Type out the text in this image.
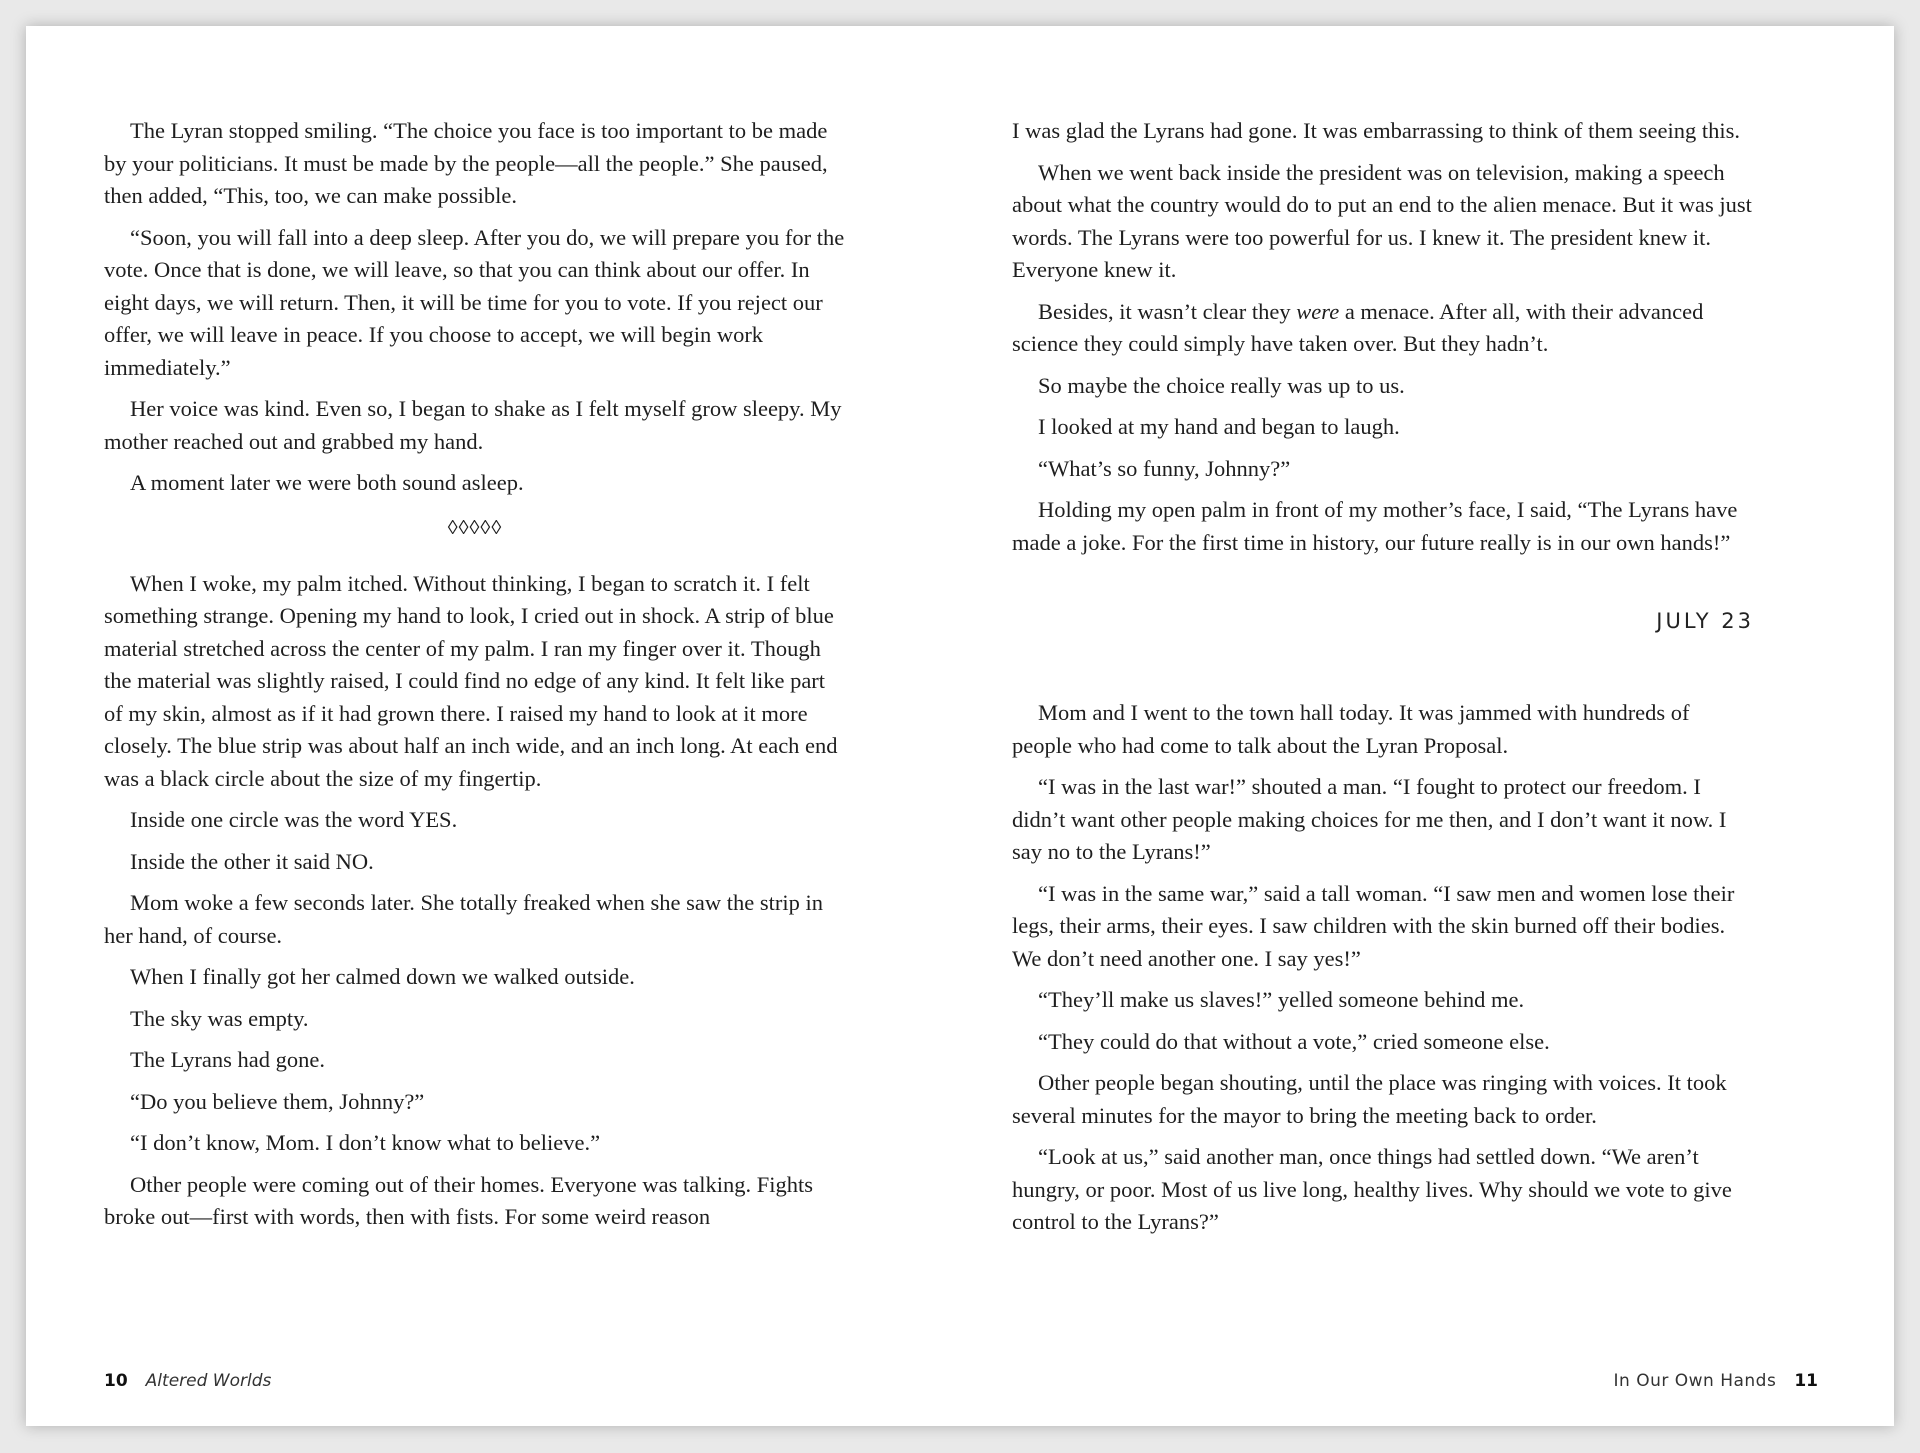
The Lyran stopped smiling. “The choice you face is too important to be made by your politicians. It must be made by the people—all the people.” She paused, then added, “This, too, we can make possible.

“Soon, you will fall into a deep sleep. After you do, we will prepare you for the vote. Once that is done, we will leave, so that you can think about our offer. In eight days, we will return. Then, it will be time for you to vote. If you reject our offer, we will leave in peace. If you choose to accept, we will begin work immediately.”

Her voice was kind. Even so, I began to shake as I felt myself grow sleepy. My mother reached out and grabbed my hand.

A moment later we were both sound asleep.

◊◊◊◊◊

When I woke, my palm itched. Without thinking, I began to scratch it. I felt something strange. Opening my hand to look, I cried out in shock. A strip of blue material stretched across the center of my palm. I ran my finger over it. Though the material was slightly raised, I could find no edge of any kind. It felt like part of my skin, almost as if it had grown there. I raised my hand to look at it more closely. The blue strip was about half an inch wide, and an inch long. At each end was a black circle about the size of my fingertip.

Inside one circle was the word YES.

Inside the other it said NO.

Mom woke a few seconds later. She totally freaked when she saw the strip in her hand, of course.

When I finally got her calmed down we walked outside.

The sky was empty.

The Lyrans had gone.

“Do you believe them, Johnny?”

“I don’t know, Mom. I don’t know what to believe.”

Other people were coming out of their homes. Everyone was talking. Fights broke out—first with words, then with fists. For some weird reason

10 Altered Worlds

I was glad the Lyrans had gone. It was embarrassing to think of them seeing this.

When we went back inside the president was on television, making a speech about what the country would do to put an end to the alien menace. But it was just words. The Lyrans were too powerful for us. I knew it. The president knew it. Everyone knew it.

Besides, it wasn’t clear they were a menace. After all, with their advanced science they could simply have taken over. But they hadn’t.

So maybe the choice really was up to us.

I looked at my hand and began to laugh.

“What’s so funny, Johnny?”

Holding my open palm in front of my mother’s face, I said, “The Lyrans have made a joke. For the first time in history, our future really is in our own hands!”

JULY 23

Mom and I went to the town hall today. It was jammed with hundreds of people who had come to talk about the Lyran Proposal.

“I was in the last war!” shouted a man. “I fought to protect our freedom. I didn’t want other people making choices for me then, and I don’t want it now. I say no to the Lyrans!”

“I was in the same war,” said a tall woman. “I saw men and women lose their legs, their arms, their eyes. I saw children with the skin burned off their bodies. We don’t need another one. I say yes!”

“They’ll make us slaves!” yelled someone behind me.

“They could do that without a vote,” cried someone else.

Other people began shouting, until the place was ringing with voices. It took several minutes for the mayor to bring the meeting back to order.

“Look at us,” said another man, once things had settled down. “We aren’t hungry, or poor. Most of us live long, healthy lives. Why should we vote to give control to the Lyrans?”

In Our Own Hands 11
